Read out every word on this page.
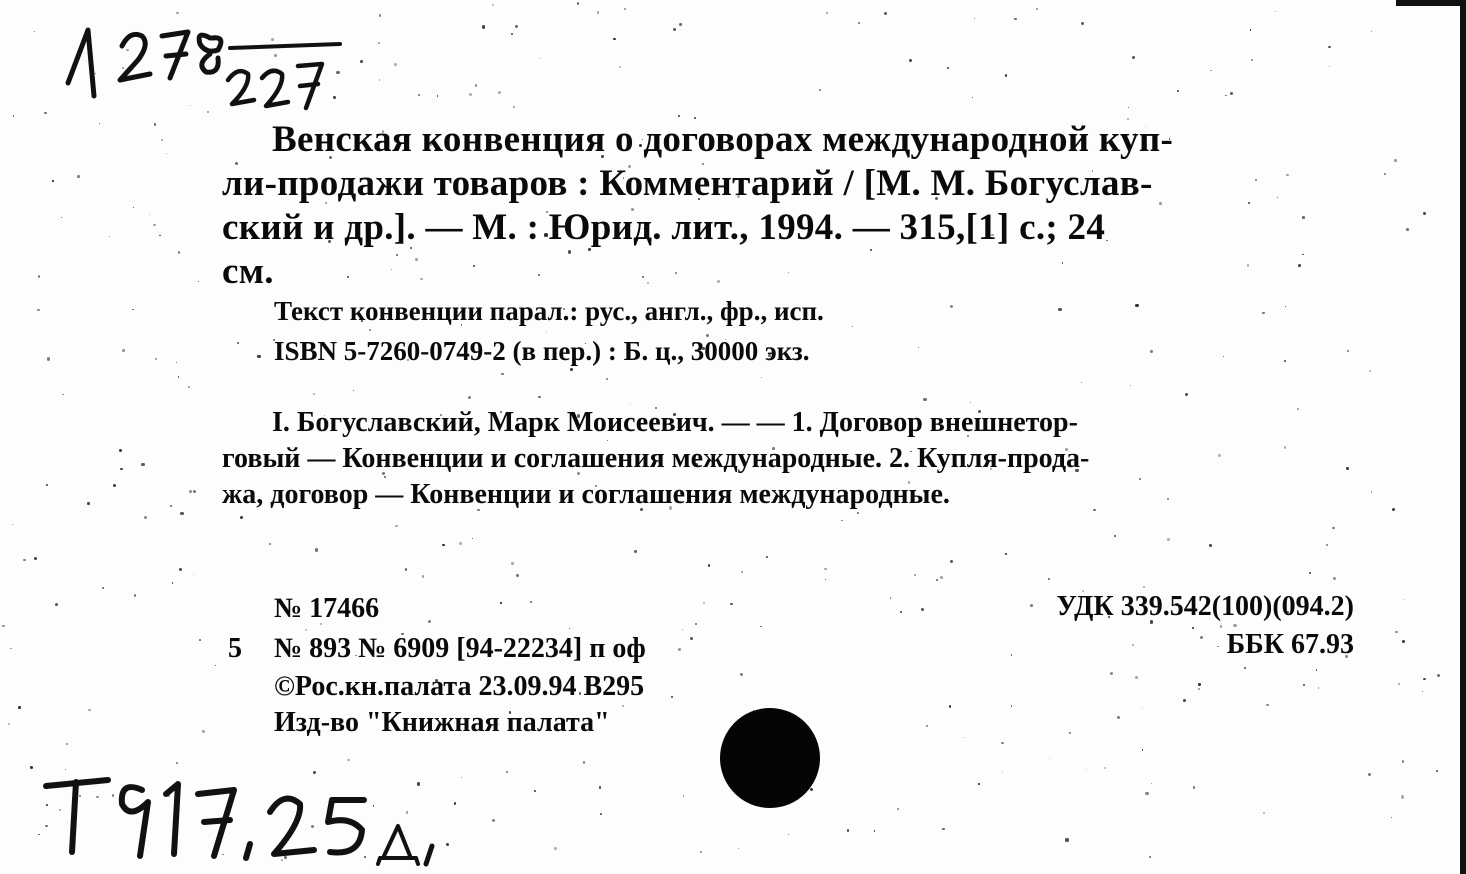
Венская конвенция о договорах международной куп-
ли-продажи товаров : Комментарий / [М. М. Богуслав-
ский и др.]. — М. : Юрид. лит., 1994. — 315,[1] с.; 24
см.
Текст конвенции парал.: рус., англ., фр., исп.
ISBN 5-7260-0749-2 (в пер.) : Б. ц., 30000 экз.
I. Богуславский, Марк Моисеевич. — — 1. Договор внешнетор-
говый — Конвенции и соглашения международные. 2. Купля-прода-
жа, договор — Конвенции и соглашения международные.
№ 17466
5 № 893 № 6909 [94-22234] п оф
©Рос.кн.палата 23.09.94 В295
Изд-во "Книжная палата"
УДК 339.542(100)(094.2)
ББК 67.93
